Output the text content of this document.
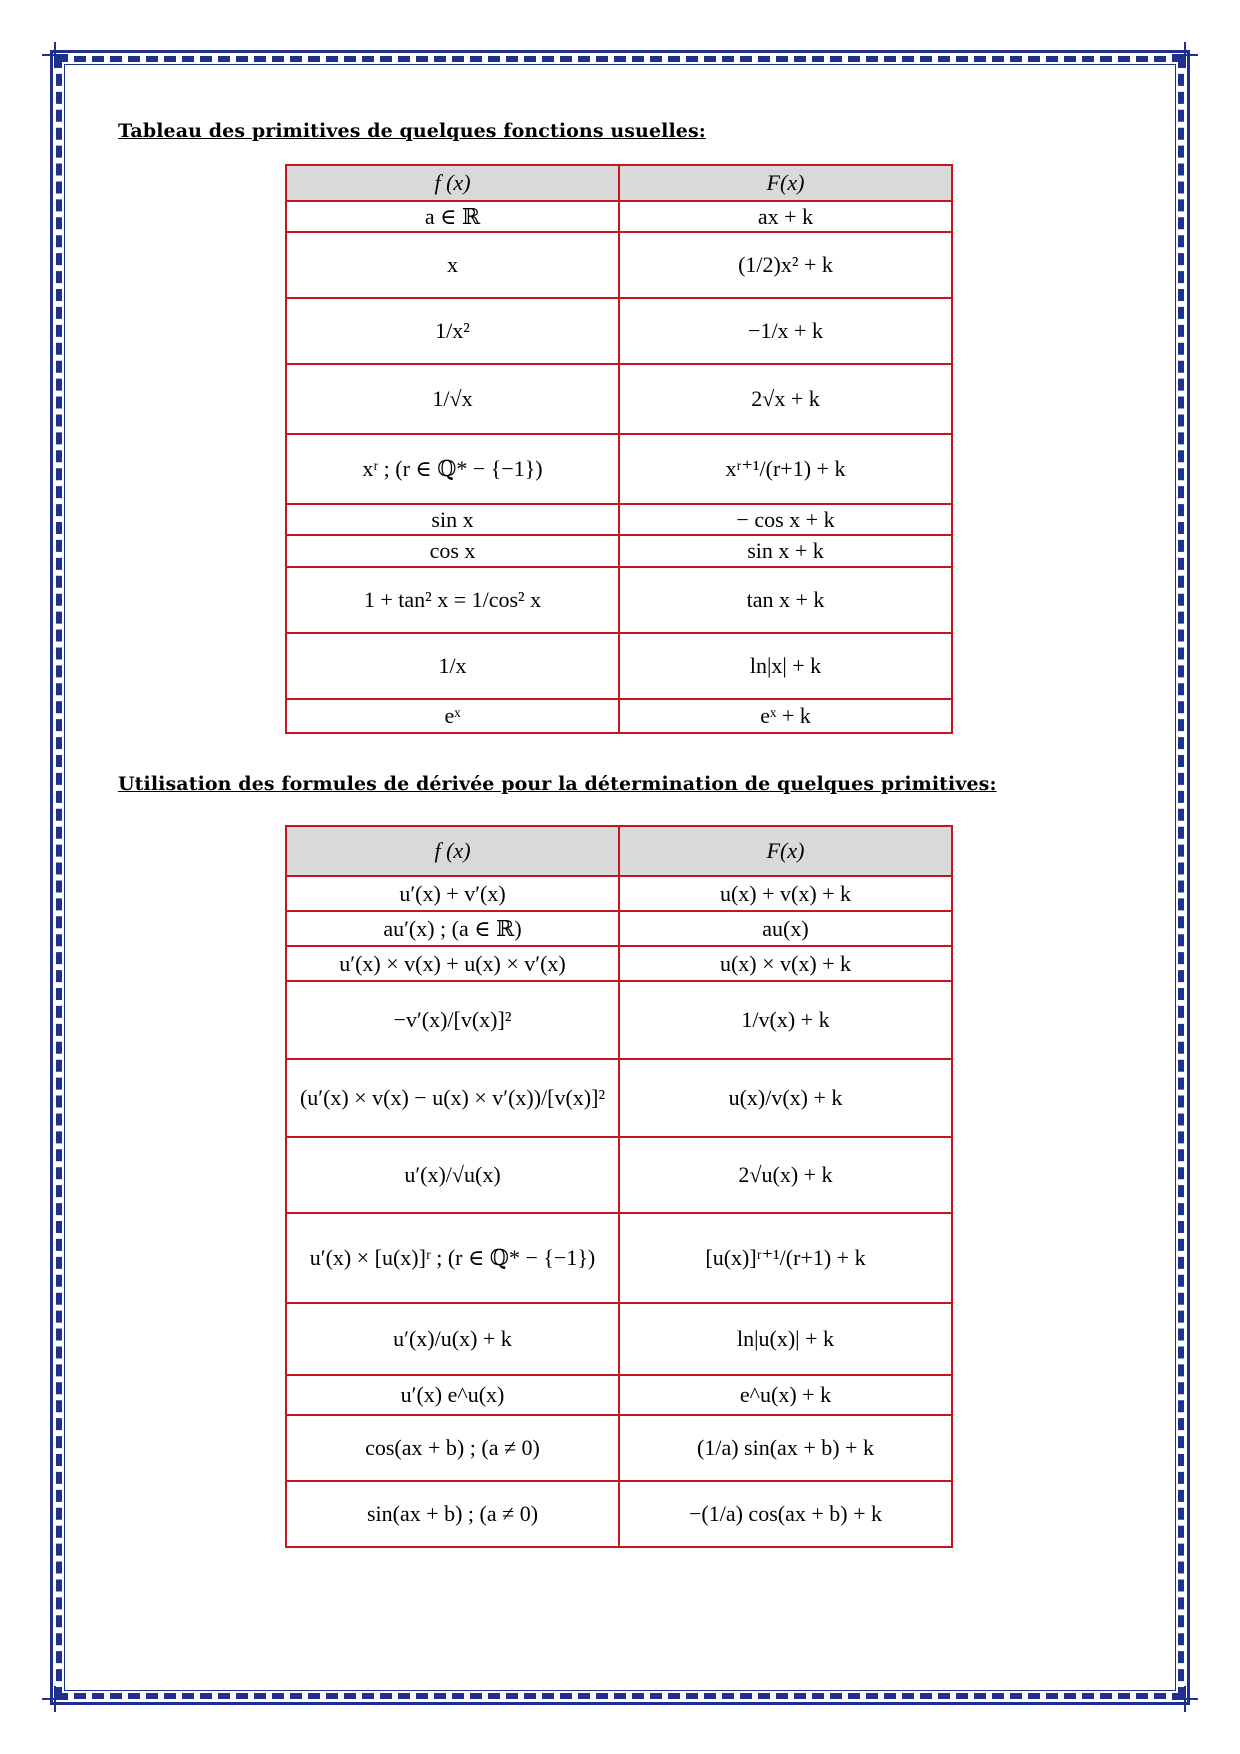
Tableau des primitives de quelques fonctions usuelles:
f (x)	F(x)
a ∈ ℝ	ax + k
x	(1/2)x² + k
1/x²	−1/x + k
1/√x	2√x + k
xʳ ; (r ∈ ℚ* − {−1})	xʳ⁺¹/(r+1) + k
sin x	− cos x + k
cos x	sin x + k
1 + tan² x = 1/cos² x	tan x + k
1/x	ln|x| + k
eˣ	eˣ + k
Utilisation des formules de dérivée pour la détermination de quelques primitives:
f (x)	F(x)
u′(x) + v′(x)	u(x) + v(x) + k
au′(x) ; (a ∈ ℝ)	au(x)
u′(x) × v(x) + u(x) × v′(x)	u(x) × v(x) + k
−v′(x)/[v(x)]²	1/v(x) + k
(u′(x) × v(x) − u(x) × v′(x))/[v(x)]²	u(x)/v(x) + k
u′(x)/√u(x)	2√u(x) + k
u′(x) × [u(x)]ʳ ; (r ∈ ℚ* − {−1})	[u(x)]ʳ⁺¹/(r+1) + k
u′(x)/u(x) + k	ln|u(x)| + k
u′(x) e^u(x)	e^u(x) + k
cos(ax + b) ; (a ≠ 0)	(1/a) sin(ax + b) + k
sin(ax + b) ; (a ≠ 0)	−(1/a) cos(ax + b) + k
